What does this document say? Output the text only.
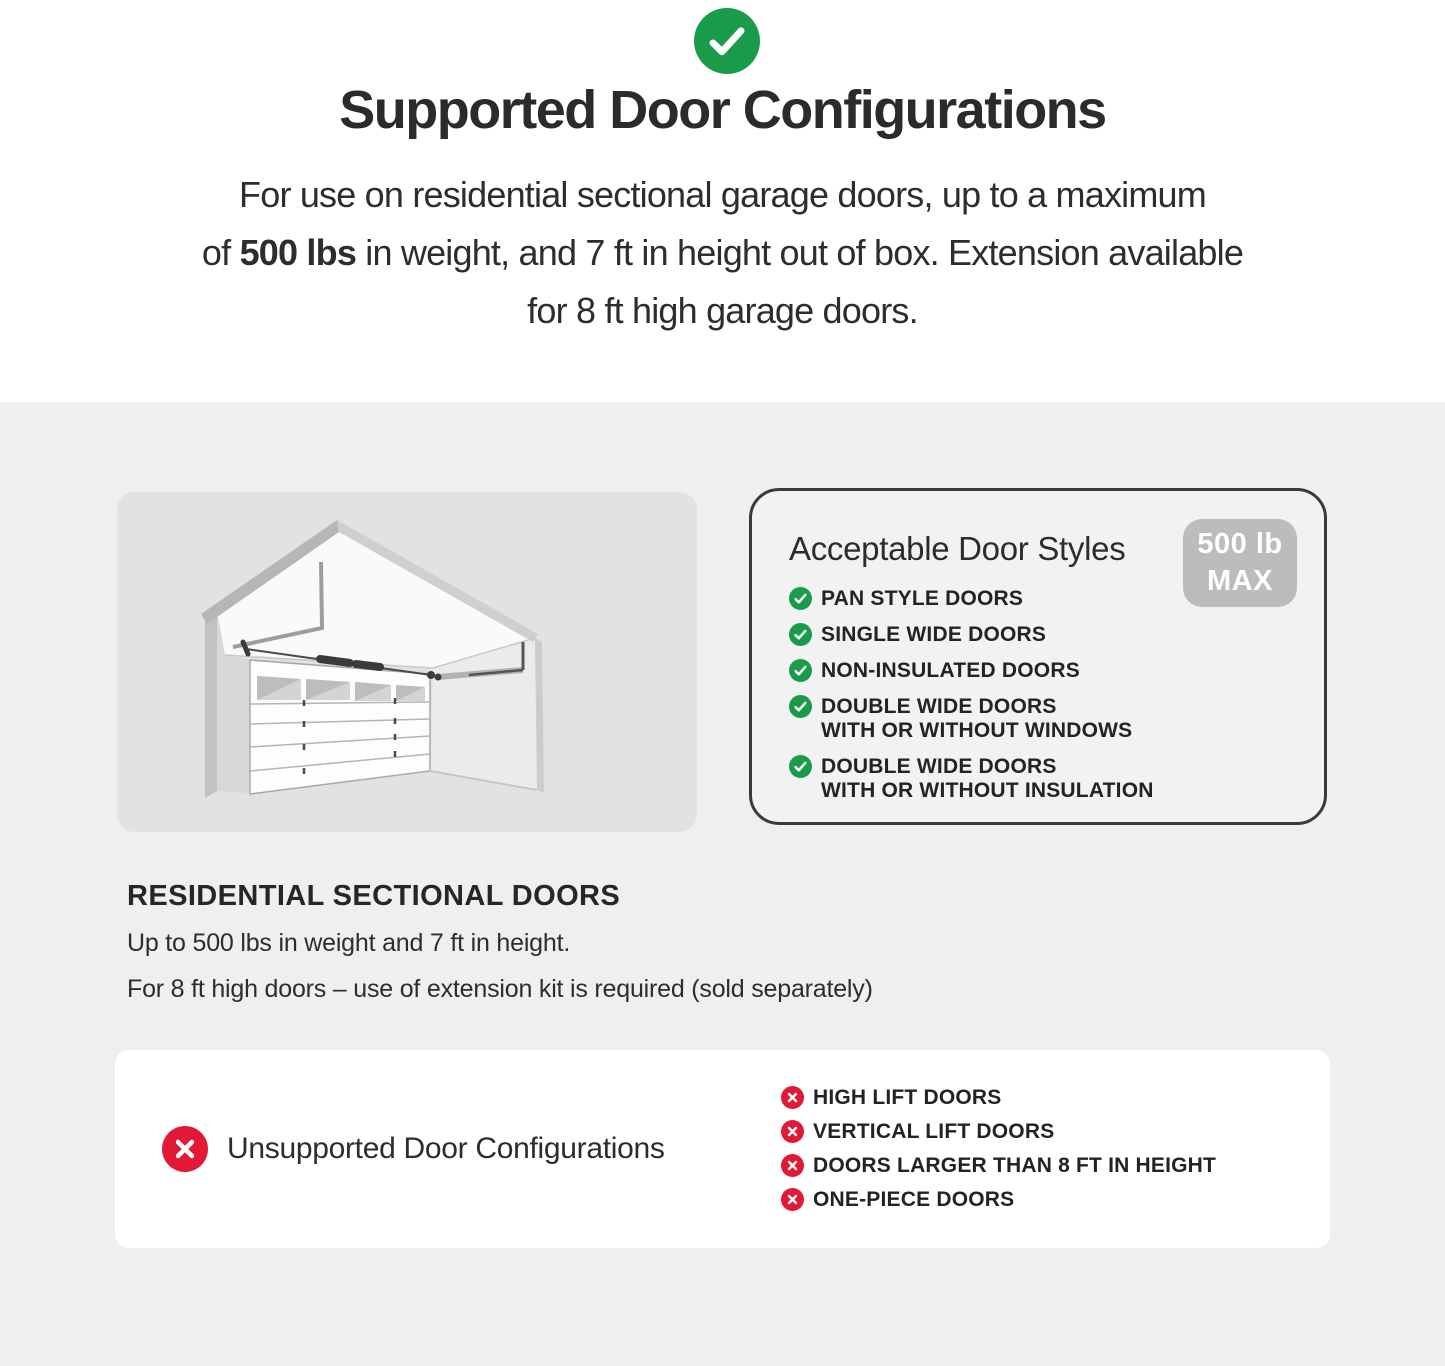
Supported Door Configurations
For use on residential sectional garage doors, up to a maximum
of 500 lbs in weight, and 7 ft in height out of box. Extension available
for 8 ft high garage doors.
Acceptable Door Styles	500 lb
MAX
PAN STYLE DOORS
SINGLE WIDE DOORS
NON-INSULATED DOORS
DOUBLE WIDE DOORS
WITH OR WITHOUT WINDOWS
DOUBLE WIDE DOORS
WITH OR WITHOUT INSULATION
RESIDENTIAL SECTIONAL DOORS

Up to 500 lbs in weight and 7 ft in height.

For 8 ft high doors – use of extension kit is required (sold separately)

Unsupported Door Configurations
HIGH LIFT DOORS
VERTICAL LIFT DOORS
DOORS LARGER THAN 8 FT IN HEIGHT
ONE-PIECE DOORS
